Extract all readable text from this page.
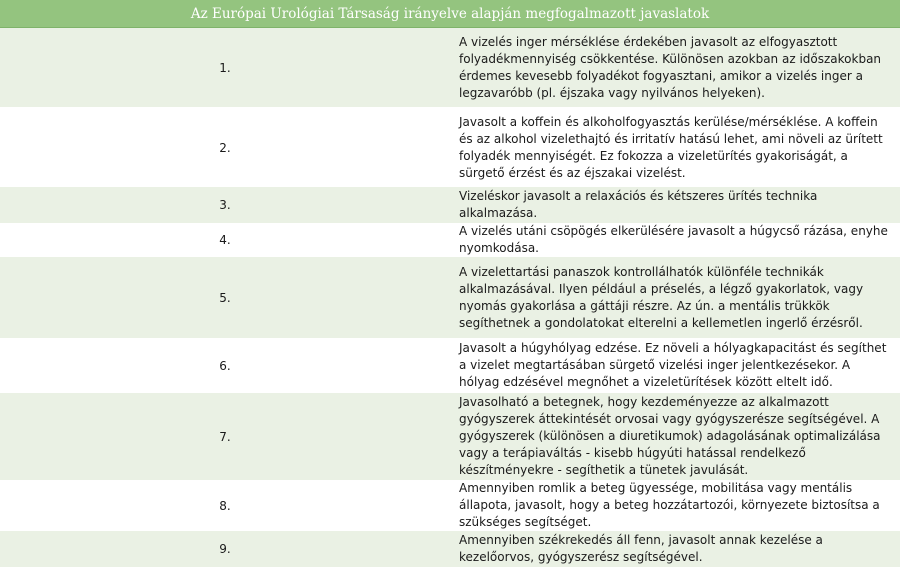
Az Európai Urológiai Társaság irányelve alapján megfogalmazott javaslatok	
1.	A vizelés inger mérséklése érdekében javasolt az elfogyasztott folyadékmennyiség csökkentése. Különösen azokban az időszakokban érdemes kevesebb folyadékot fogyasztani, amikor a vizelés inger a legzavaróbb (pl. éjszaka vagy nyilvános helyeken).
2.	Javasolt a koffein és alkoholfogyasztás kerülése/mérséklése. A koffein és az alkohol vizelethajtó és irritatív hatású lehet, ami növeli az ürített folyadék mennyiségét. Ez fokozza a vizeletürítés gyakoriságát, a sürgető érzést és az éjszakai vizelést.
3.	Vizeléskor javasolt a relaxációs és kétszeres ürítés technika alkalmazása.
4.	A vizelés utáni csöpögés elkerülésére javasolt a húgycső rázása, enyhe nyomkodása.
5.	A vizelettartási panaszok kontrollálhatók különféle technikák alkalmazásával. Ilyen például a préselés, a légző gyakorlatok, vagy nyomás gyakorlása a gáttáji részre. Az ún. a mentális trükkök segíthetnek a gondolatokat elterelni a kellemetlen ingerlő érzésről.
6.	Javasolt a húgyhólyag edzése. Ez növeli a hólyagkapacitást és segíthet a vizelet megtartásában sürgető vizelési inger jelentkezésekor. A hólyag edzésével megnőhet a vizeletürítések között eltelt idő.
7.	Javasolható a betegnek, hogy kezdeményezze az alkalmazott gyógyszerek áttekintését orvosai vagy gyógyszerésze segítségével. A gyógyszerek (különösen a diuretikumok) adagolásának optimalizálása vagy a terápiaváltás - kisebb húgyúti hatással rendelkező készítményekre - segíthetik a tünetek javulását.
8.	Amennyiben romlik a beteg ügyessége, mobilitása vagy mentális állapota, javasolt, hogy a beteg hozzátartozói, környezete biztosítsa a szükséges segítséget.
9.	Amennyiben székrekedés áll fenn, javasolt annak kezelése a kezelőorvos, gyógyszerész segítségével.
